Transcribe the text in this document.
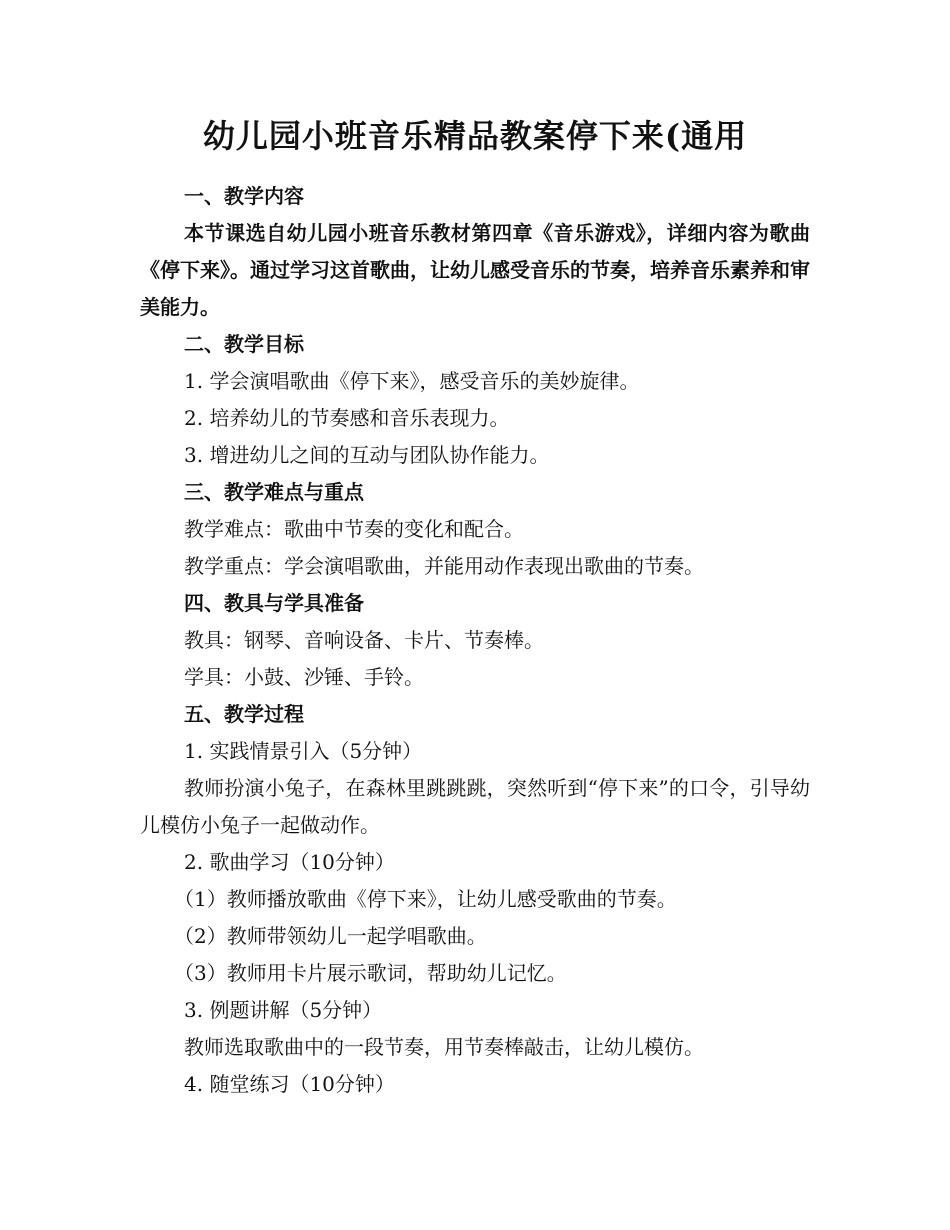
幼儿园小班音乐精品教案停下来(通用

一、教学内容

本节课选自幼儿园小班音乐教材第四章《音乐游戏》，详细内容为歌曲《停下来》。通过学习这首歌曲，让幼儿感受音乐的节奏，培养音乐素养和审美能力。

二、教学目标

1. 学会演唱歌曲《停下来》，感受音乐的美妙旋律。

2. 培养幼儿的节奏感和音乐表现力。

3. 增进幼儿之间的互动与团队协作能力。

三、教学难点与重点

教学难点：歌曲中节奏的变化和配合。

教学重点：学会演唱歌曲，并能用动作表现出歌曲的节奏。

四、教具与学具准备

教具：钢琴、音响设备、卡片、节奏棒。

学具：小鼓、沙锤、手铃。

五、教学过程

1. 实践情景引入（5分钟）

教师扮演小兔子，在森林里跳跳跳，突然听到“停下来”的口令，引导幼儿模仿小兔子一起做动作。

2. 歌曲学习（10分钟）

（1）教师播放歌曲《停下来》，让幼儿感受歌曲的节奏。

（2）教师带领幼儿一起学唱歌曲。

（3）教师用卡片展示歌词，帮助幼儿记忆。

3. 例题讲解（5分钟）

教师选取歌曲中的一段节奏，用节奏棒敲击，让幼儿模仿。

4. 随堂练习（10分钟）
